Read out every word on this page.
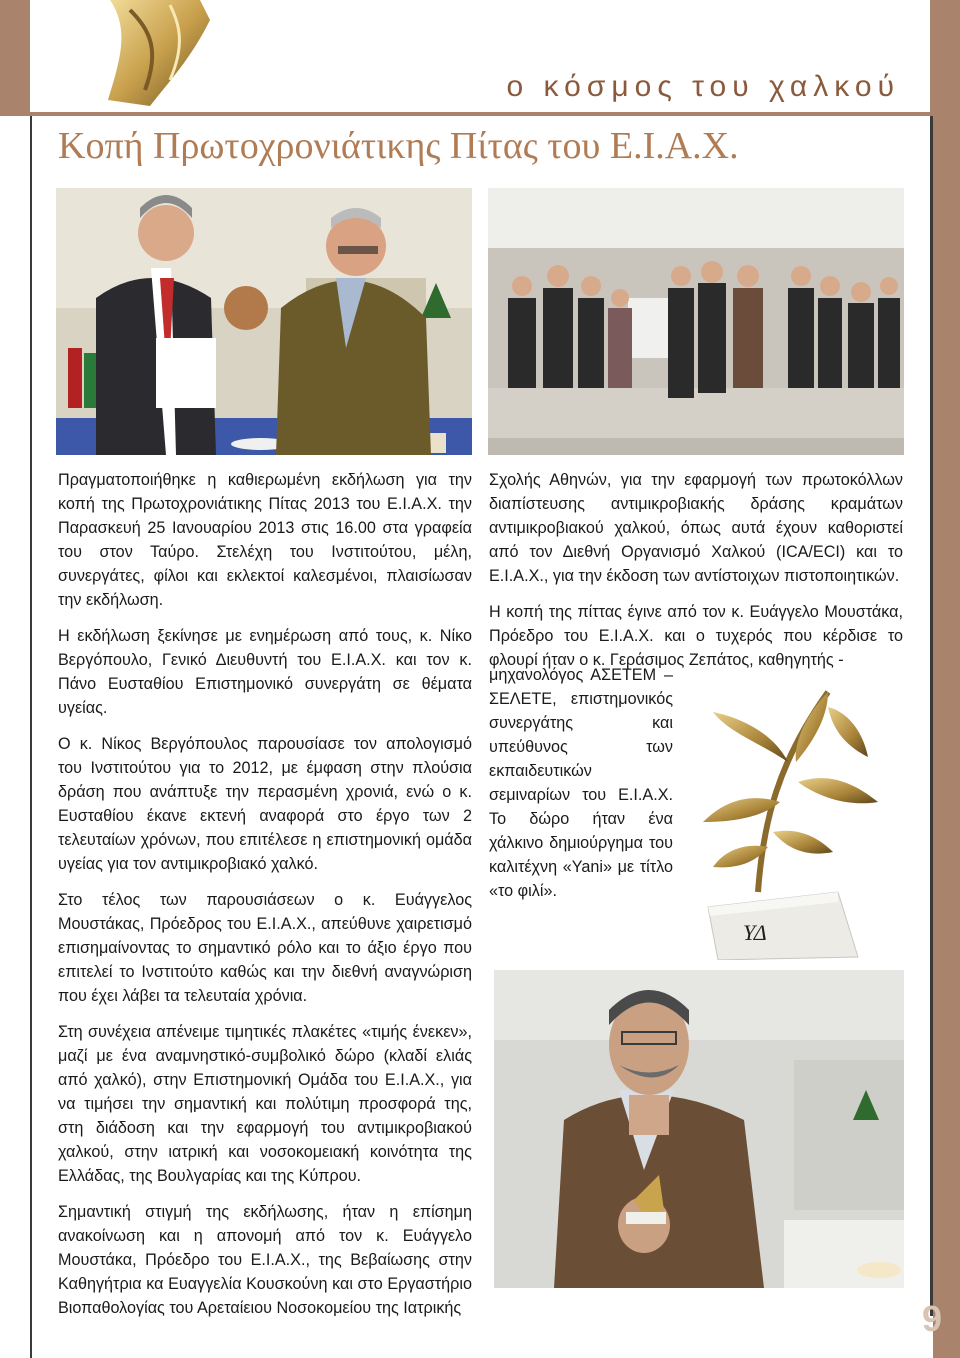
ο κόσμος του χαλκού
Κοπή Πρωτοχρονιάτικης Πίτας του Ε.Ι.Α.Χ.
ΥΔ

Πραγματοποιήθηκε η καθιερωμένη εκδήλωση για την κοπή της Πρωτοχρονιάτικης Πίτας 2013 του Ε.Ι.Α.Χ. την Παρασκευή 25 Ιανουαρίου 2013 στις 16.00 στα γραφεία του στον Ταύρο. Στελέχη του Ινστιτούτου, μέλη, συνεργάτες, φίλοι και εκλεκτοί καλεσμένοι, πλαισίωσαν την εκδήλωση.

Η εκδήλωση ξεκίνησε με ενημέρωση από τους, κ. Νίκο Βεργόπουλο, Γενικό Διευθυντή του Ε.Ι.Α.Χ. και τον κ. Πάνο Ευσταθίου Επιστημονικό συνεργάτη σε θέματα υγείας.

Ο κ. Νίκος Βεργόπουλος παρουσίασε τον απολογισμό του Ινστιτούτου για το 2012, με έμφαση στην πλούσια δράση που ανάπτυξε την περασμένη χρονιά, ενώ ο κ. Ευσταθίου έκανε εκτενή αναφορά στο έργο των 2 τελευταίων χρόνων, που επιτέλεσε η επιστημονική ομάδα υγείας για τον αντιμικροβιακό χαλκό.

Στο τέλος των παρουσιάσεων ο κ. Ευάγγελος Μουστάκας, Πρόεδρος του Ε.Ι.Α.Χ., απεύθυνε χαιρετισμό επισημαίνοντας το σημαντικό ρόλο και το άξιο έργο που επιτελεί το Ινστιτούτο καθώς και την διεθνή αναγνώριση που έχει λάβει τα τελευταία χρόνια.

Στη συνέχεια απένειμε τιμητικές πλακέτες «τιμής ένεκεν», μαζί με ένα αναμνηστικό-συμβολικό δώρο (κλαδί ελιάς από χαλκό), στην Επιστημονική Ομάδα του Ε.Ι.Α.Χ., για να τιμήσει την σημαντική και πολύτιμη προσφορά της, στη διάδοση και την εφαρμογή του αντιμικροβιακού χαλκού, στην ιατρική και νοσοκομειακή κοινότητα της Ελλάδας, της Βουλγαρίας και της Κύπρου.

Σημαντική στιγμή της εκδήλωσης, ήταν η επίσημη ανακοίνωση και η απονομή από τον κ. Ευάγγελο Μουστάκα, Πρόεδρο του Ε.Ι.Α.Χ., της Βεβαίωσης στην Καθηγήτρια κα Ευαγγελία Κουσκούνη και στο Εργαστήριο Βιοπαθολογίας του Αρεταίειου Νοσοκομείου της Ιατρικής

Σχολής Αθηνών, για την εφαρμογή των πρωτοκόλλων διαπίστευσης αντιμικροβιακής δράσης κραμάτων αντιμικροβιακού χαλκού, όπως αυτά έχουν καθοριστεί από τον Διεθνή Οργανισμό Χαλκού (ICA/ECI) και το Ε.Ι.Α.Χ., για την έκδοση των αντίστοιχων πιστοποιητικών.

Η κοπή της πίττας έγινε από τον κ. Ευάγγελο Μουστάκα, Πρόεδρο του Ε.Ι.Α.Χ. και ο τυχερός που κέρδισε το φλουρί ήταν ο κ. Γεράσιμος Ζεπάτος, καθηγητής -

μηχανολόγος ΑΣΕΤΕΜ – ΣΕΛΕΤΕ, επιστημονικός συνεργάτης και υπεύθυνος των εκπαιδευτικών σεμιναρίων του Ε.Ι.Α.Χ. Το δώρο ήταν ένα χάλκινο δημιούργημα του καλιτέχνη «Yani» με τίτλο «το φιλί».

9
